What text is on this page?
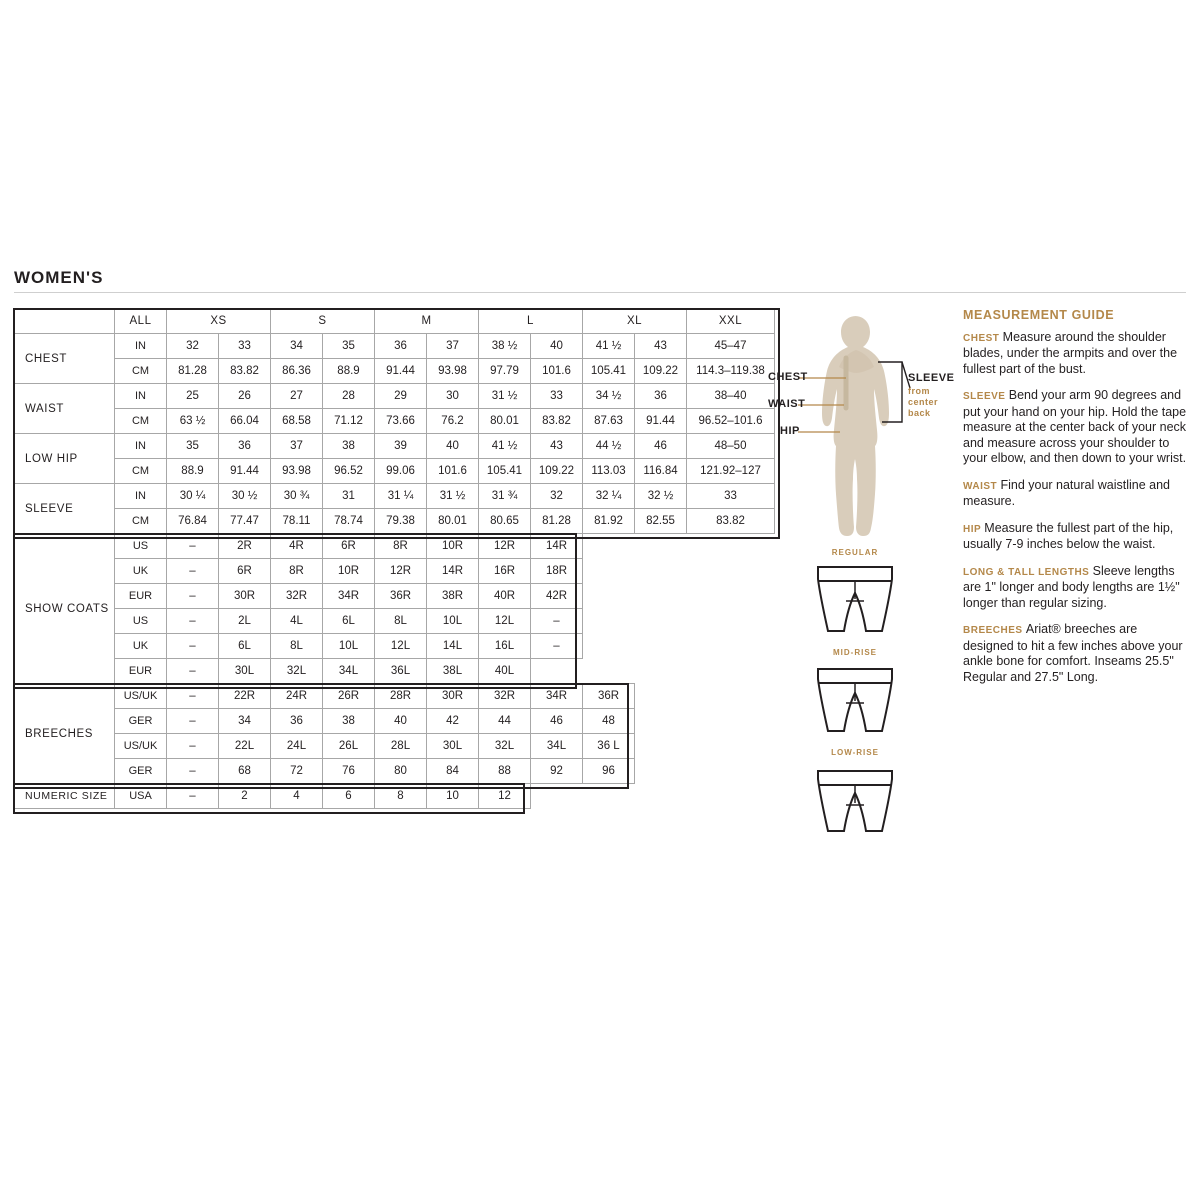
WOMEN'S
	ALL	XS		S		M		L		XL		XXL
CHEST	IN	32	33	34	35	36	37	38 ½	40	41 ½	43	45–47
	CM	81.28	83.82	86.36	88.9	91.44	93.98	97.79	101.6	105.41	109.22	114.3–119.38
WAIST	IN	25	26	27	28	29	30	31 ½	33	34 ½	36	38–40
	CM	63 ½	66.04	68.58	71.12	73.66	76.2	80.01	83.82	87.63	91.44	96.52–101.6
LOW HIP	IN	35	36	37	38	39	40	41 ½	43	44 ½	46	48–50
	CM	88.9	91.44	93.98	96.52	99.06	101.6	105.41	109.22	113.03	116.84	121.92–127
SLEEVE	IN	30 ¼	30 ½	30 ¾	31	31 ¼	31 ½	31 ¾	32	32 ¼	32 ½	33
	CM	76.84	77.47	78.11	78.74	79.38	80.01	80.65	81.28	81.92	82.55	83.82
SHOW COATS	US	–	2R	4R	6R	8R	10R	12R	14R			
	UK	–	6R	8R	10R	12R	14R	16R	18R			
	EUR	–	30R	32R	34R	36R	38R	40R	42R			
	US	–	2L	4L	6L	8L	10L	12L	–			
	UK	–	6L	8L	10L	12L	14L	16L	–			
	EUR	–	30L	32L	34L	36L	38L	40L				
BREECHES	US/UK	–	22R	24R	26R	28R	30R	32R	34R	36R		
	GER	–	34	36	38	40	42	44	46	48		
	US/UK	–	22L	24L	26L	28L	30L	32L	34L	36 L		
	GER	–	68	72	76	80	84	88	92	96		
NUMERIC SIZE	USA	–	2	4	6	8	10	12				
CHEST
WAIST
HIP
SLEEVE
from
center
back
REGULAR
MID-RISE
LOW-RISE
MEASUREMENT GUIDE

CHEST Measure around the shoulder blades, under the armpits and over the fullest part of the bust.

SLEEVE Bend your arm 90 degrees and put your hand on your hip. Hold the tape measure at the center back of your neck and measure across your shoulder to your elbow, and then down to your wrist.

WAIST Find your natural waistline and measure.

HIP Measure the fullest part of the hip, usually 7-9 inches below the waist.

LONG & TALL LENGTHS Sleeve lengths are 1" longer and body lengths are 1½" longer than regular sizing.

BREECHES Ariat® breeches are designed to hit a few inches above your ankle bone for comfort. Inseams 25.5" Regular and 27.5" Long.
